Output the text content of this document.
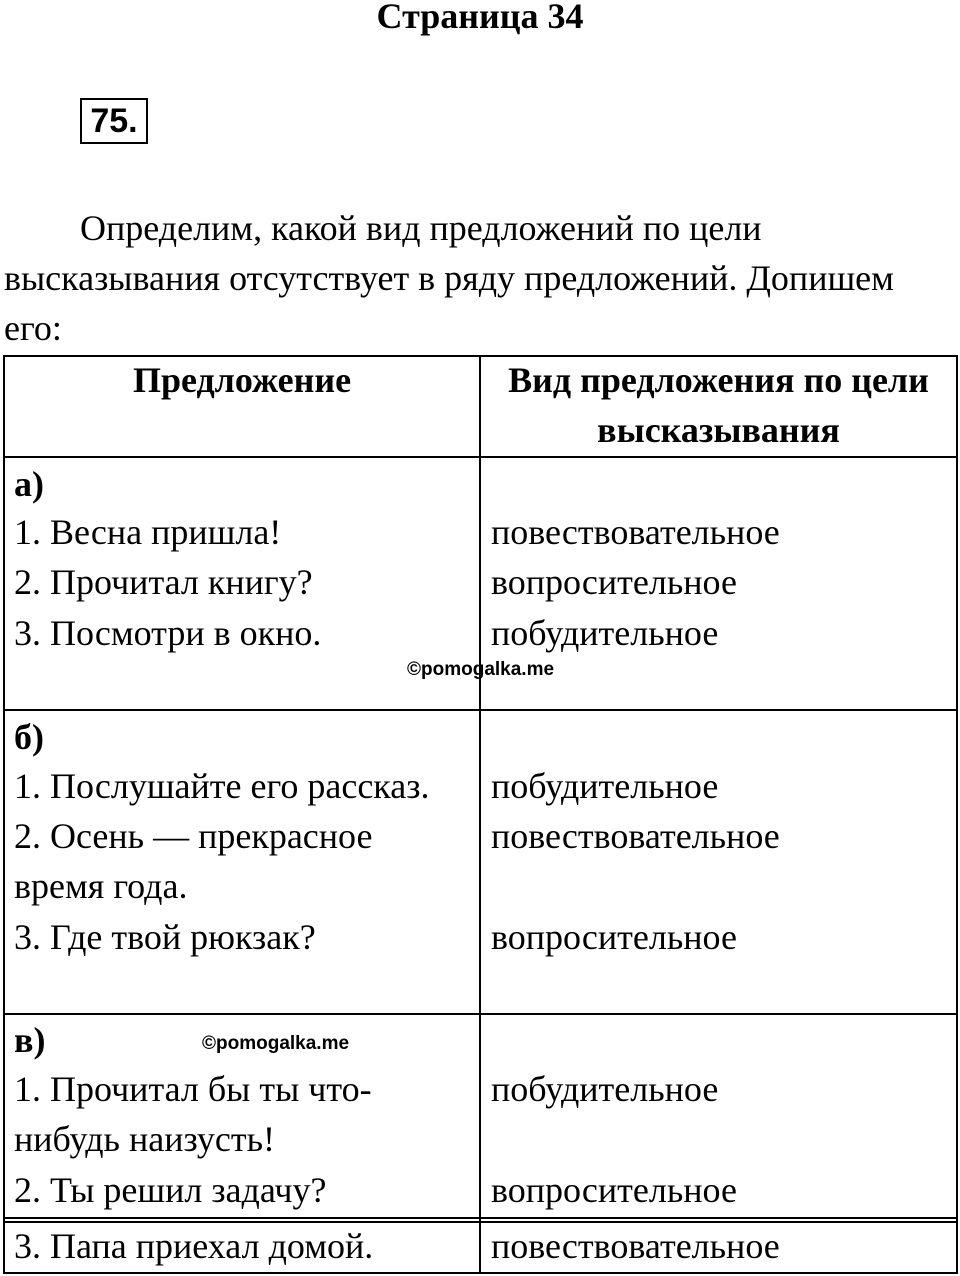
Страница 34
75.

Определим, какой вид предложений по цели высказывания отсутствует в ряду предложений. Допишем его:

Предложение	Вид предложения по цели
высказывания
а)
1. Весна пришла!	повествовательное
2. Прочитал книгу?	вопросительное
3. Посмотри в окно.	побудительное
©pomogalka.me
б)
1. Послушайте его рассказ. побудительное
2. Осень — прекрасное	повествовательное
время года.
3. Где твой рюкзак?	вопросительное
в)	©pomogalka.me
1. Прочитал бы ты что-	побудительное
нибудь наизусть!
2. Ты решил задачу?	вопросительное
3. Папа приехал домой.	повествовательное
